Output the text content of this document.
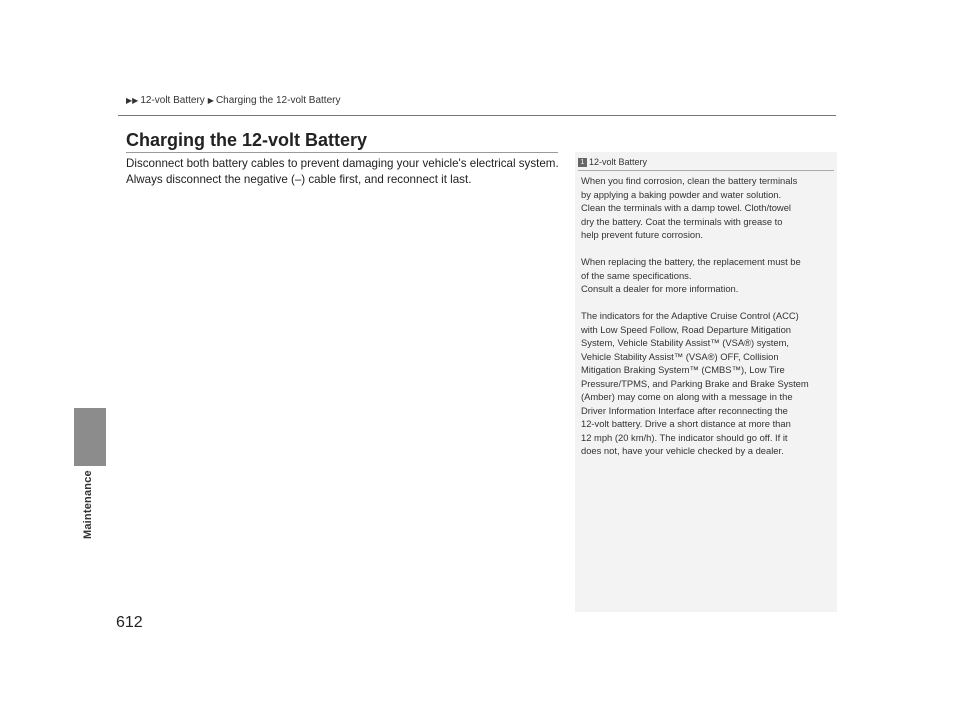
▶▶ 12-volt Battery ▶ Charging the 12-volt Battery
Maintenance
Charging the 12-volt Battery
Disconnect both battery cables to prevent damaging your vehicle's electrical system.
Always disconnect the negative (–) cable first, and reconnect it last.
1 12-volt Battery

When you find corrosion, clean the battery terminals
by applying a baking powder and water solution.
Clean the terminals with a damp towel. Cloth/towel
dry the battery. Coat the terminals with grease to
help prevent future corrosion.

When replacing the battery, the replacement must be
of the same specifications.
Consult a dealer for more information.

The indicators for the Adaptive Cruise Control (ACC)
with Low Speed Follow, Road Departure Mitigation
System, Vehicle Stability Assist™ (VSA®) system,
Vehicle Stability Assist™ (VSA®) OFF, Collision
Mitigation Braking System™ (CMBS™), Low Tire
Pressure/TPMS, and Parking Brake and Brake System
(Amber) may come on along with a message in the
Driver Information Interface after reconnecting the
12-volt battery. Drive a short distance at more than
12 mph (20 km/h). The indicator should go off. If it
does not, have your vehicle checked by a dealer.

612
